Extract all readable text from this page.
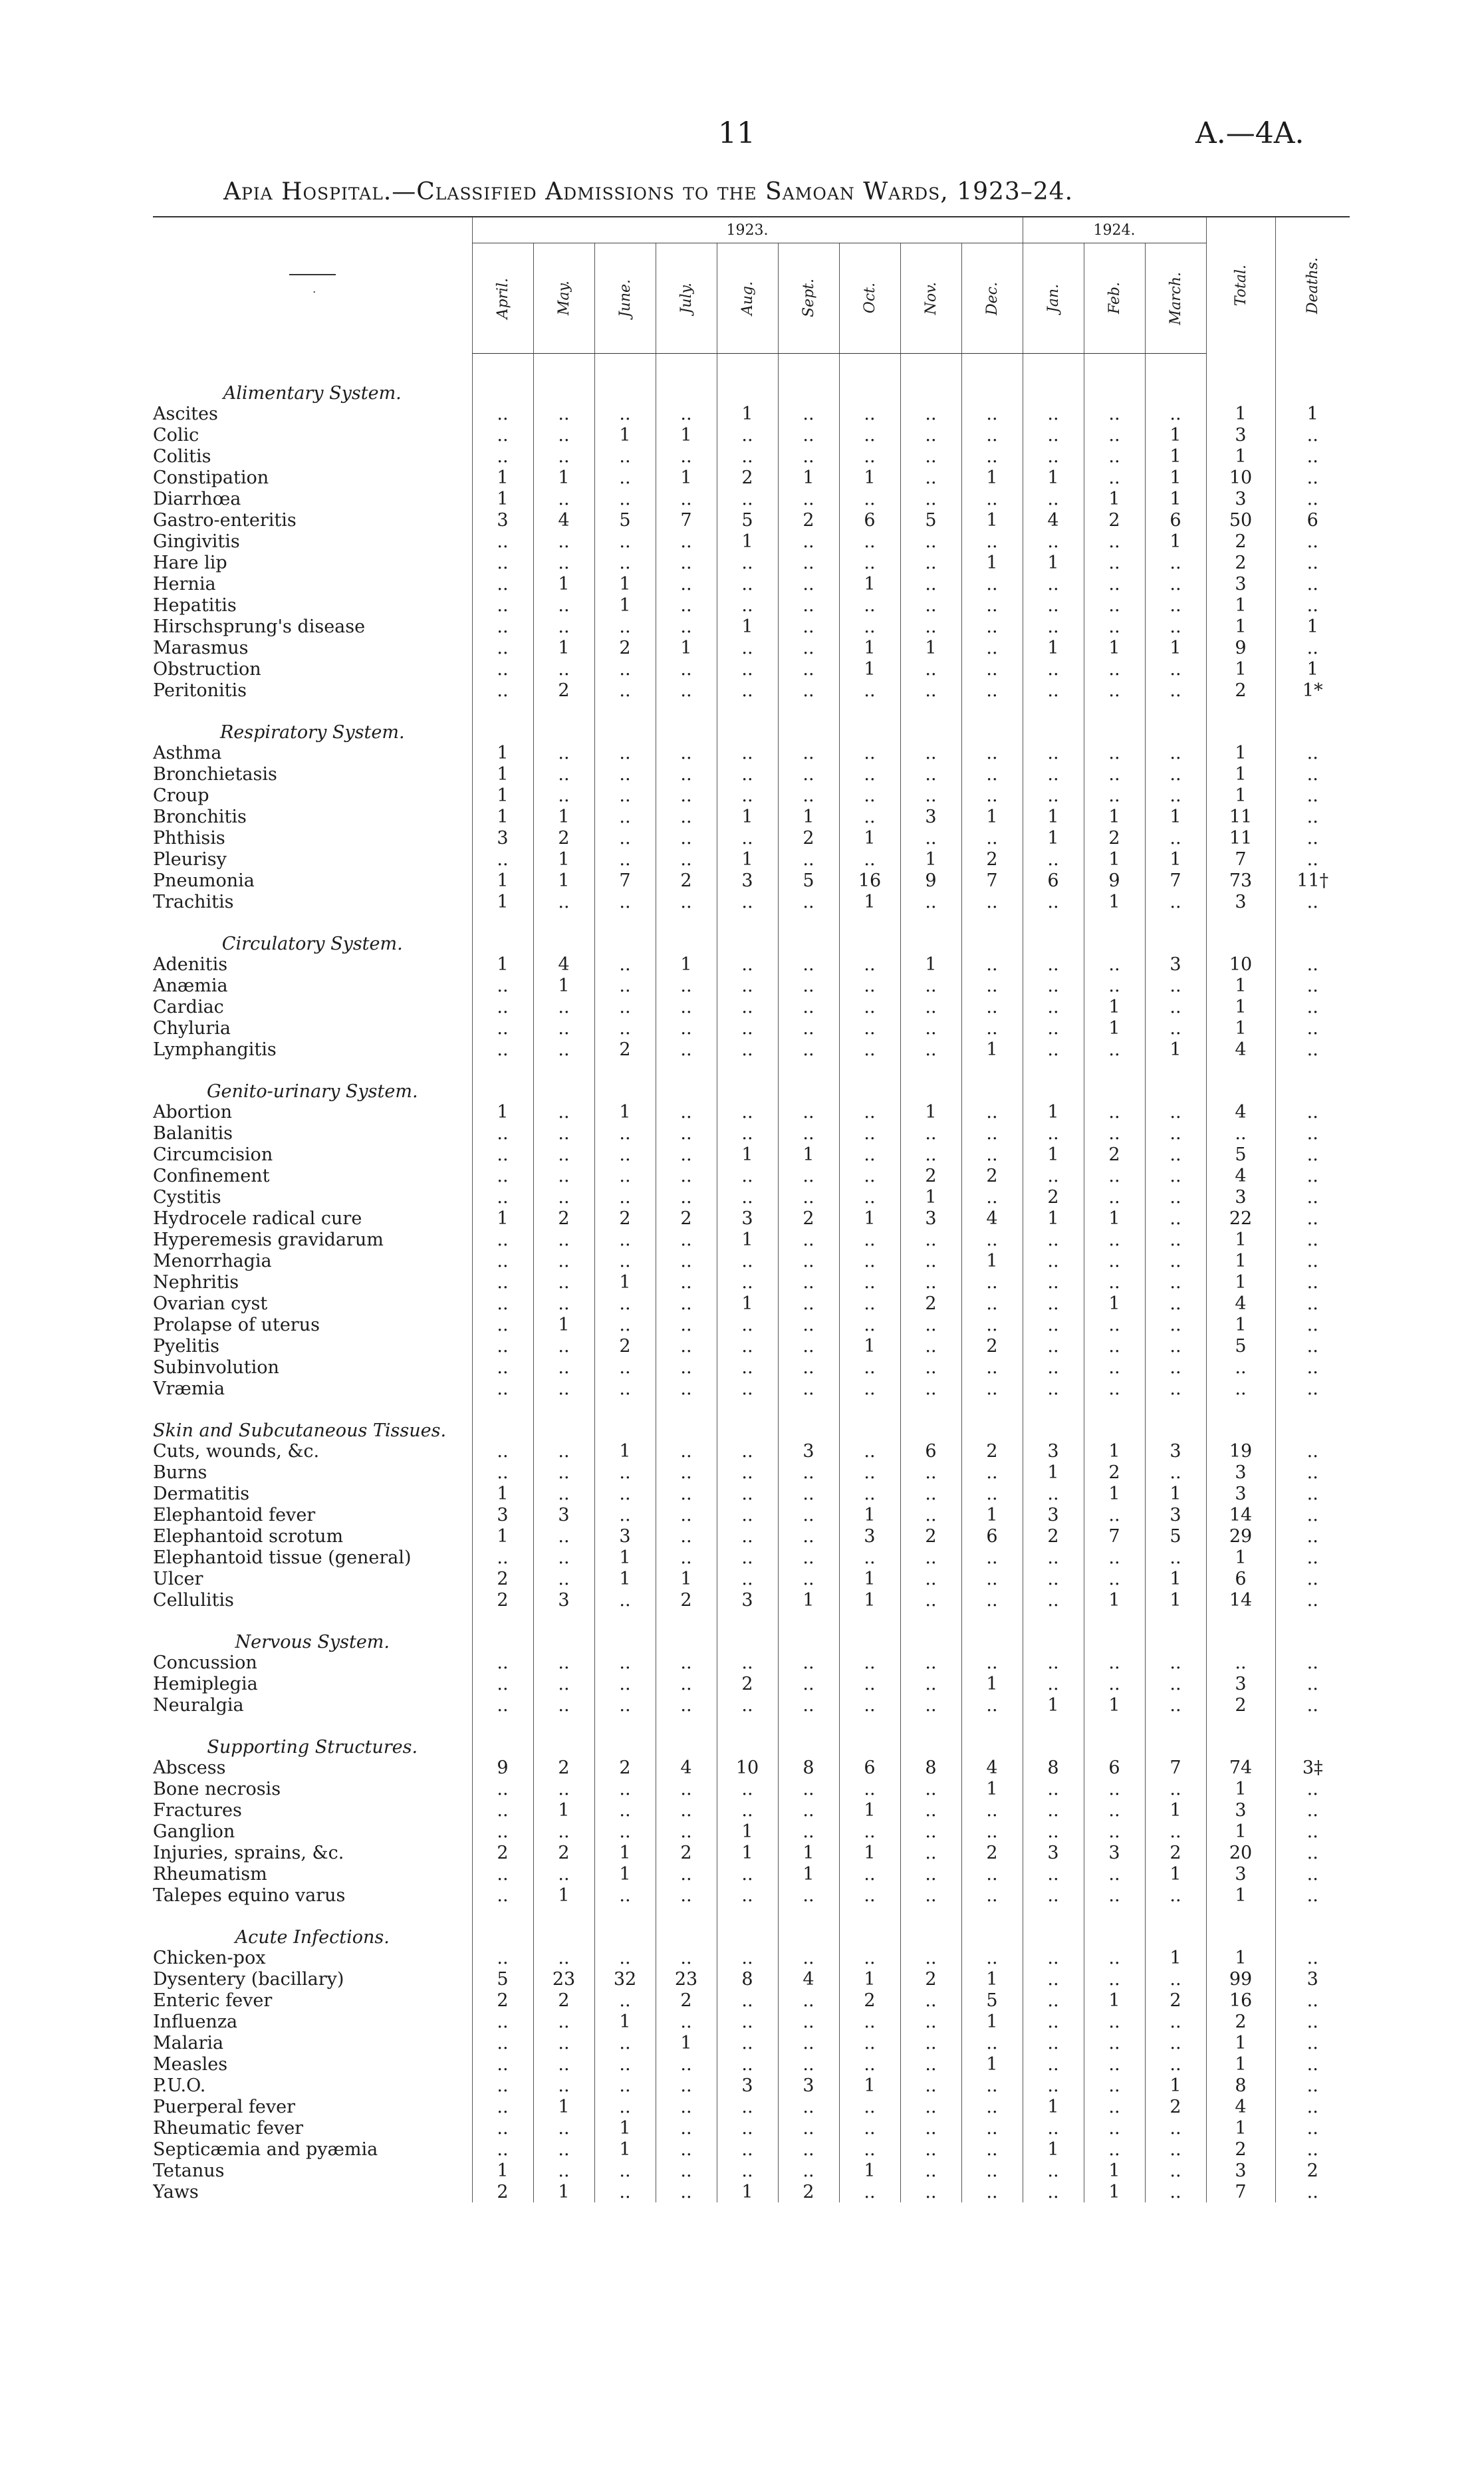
11	A.—4A.
Apia Hospital.—Classified Admissions to the Samoan Wards, 1923–24.
.	1923.									1924.			Total.	Deaths.

	April.	May.	June.	July.	Aug.	Sept.	Oct.	Nov.	Dec.	Jan.	Feb.	March.		

Alimentary System.														
Ascites	..	..	..	..	1	..	..	..	..	..	..	..	1	1
Colic	..	..	1	1	..	..	..	..	..	..	..	1	3	..
Colitis	..	..	..	..	..	..	..	..	..	..	..	1	1	..
Constipation	1	1	..	1	2	1	1	..	1	1	..	1	10	..
Diarrhœa	1	..	..	..	..	..	..	..	..	..	1	1	3	..
Gastro-enteritis	3	4	5	7	5	2	6	5	1	4	2	6	50	6
Gingivitis	..	..	..	..	1	..	..	..	..	..	..	1	2	..
Hare lip	..	..	..	..	..	..	..	..	1	1	..	..	2	..
Hernia	..	1	1	..	..	..	1	..	..	..	..	..	3	..
Hepatitis	..	..	1	..	..	..	..	..	..	..	..	..	1	..
Hirschsprung's disease	..	..	..	..	1	..	..	..	..	..	..	..	1	1
Marasmus	..	1	2	1	..	..	1	1	..	1	1	1	9	..
Obstruction	..	..	..	..	..	..	1	..	..	..	..	..	1	1
Peritonitis	..	2	..	..	..	..	..	..	..	..	..	..	2	1*
Respiratory System.														
Asthma	1	..	..	..	..	..	..	..	..	..	..	..	1	..
Bronchietasis	1	..	..	..	..	..	..	..	..	..	..	..	1	..
Croup	1	..	..	..	..	..	..	..	..	..	..	..	1	..
Bronchitis	1	1	..	..	1	1	..	3	1	1	1	1	11	..
Phthisis	3	2	..	..	..	2	1	..	..	1	2	..	11	..
Pleurisy	..	1	..	..	1	..	..	1	2	..	1	1	7	..
Pneumonia	1	1	7	2	3	5	16	9	7	6	9	7	73	11†
Trachitis	1	..	..	..	..	..	1	..	..	..	1	..	3	..
Circulatory System.														
Adenitis	1	4	..	1	..	..	..	1	..	..	..	3	10	..
Anæmia	..	1	..	..	..	..	..	..	..	..	..	..	1	..
Cardiac	..	..	..	..	..	..	..	..	..	..	1	..	1	..
Chyluria	..	..	..	..	..	..	..	..	..	..	1	..	1	..
Lymphangitis	..	..	2	..	..	..	..	..	1	..	..	1	4	..
Genito-urinary System.														
Abortion	1	..	1	..	..	..	..	1	..	1	..	..	4	..
Balanitis	..	..	..	..	..	..	..	..	..	..	..	..	..	..
Circumcision	..	..	..	..	1	1	..	..	..	1	2	..	5	..
Confinement	..	..	..	..	..	..	..	2	2	..	..	..	4	..
Cystitis	..	..	..	..	..	..	..	1	..	2	..	..	3	..
Hydrocele radical cure	1	2	2	2	3	2	1	3	4	1	1	..	22	..
Hyperemesis gravidarum	..	..	..	..	1	..	..	..	..	..	..	..	1	..
Menorrhagia	..	..	..	..	..	..	..	..	1	..	..	..	1	..
Nephritis	..	..	1	..	..	..	..	..	..	..	..	..	1	..
Ovarian cyst	..	..	..	..	1	..	..	2	..	..	1	..	4	..
Prolapse of uterus	..	1	..	..	..	..	..	..	..	..	..	..	1	..
Pyelitis	..	..	2	..	..	..	1	..	2	..	..	..	5	..
Subinvolution	..	..	..	..	..	..	..	..	..	..	..	..	..	..
Vræmia	..	..	..	..	..	..	..	..	..	..	..	..	..	..
Skin and Subcutaneous Tissues.														
Cuts, wounds, &c.	..	..	1	..	..	3	..	6	2	3	1	3	19	..
Burns	..	..	..	..	..	..	..	..	..	1	2	..	3	..
Dermatitis	1	..	..	..	..	..	..	..	..	..	1	1	3	..
Elephantoid fever	3	3	..	..	..	..	1	..	1	3	..	3	14	..
Elephantoid scrotum	1	..	3	..	..	..	3	2	6	2	7	5	29	..
Elephantoid tissue (general)	..	..	1	..	..	..	..	..	..	..	..	..	1	..
Ulcer	2	..	1	1	..	..	1	..	..	..	..	1	6	..
Cellulitis	2	3	..	2	3	1	1	..	..	..	1	1	14	..
Nervous System.														
Concussion	..	..	..	..	..	..	..	..	..	..	..	..	..	..
Hemiplegia	..	..	..	..	2	..	..	..	1	..	..	..	3	..
Neuralgia	..	..	..	..	..	..	..	..	..	1	1	..	2	..
Supporting Structures.														
Abscess	9	2	2	4	10	8	6	8	4	8	6	7	74	3‡
Bone necrosis	..	..	..	..	..	..	..	..	1	..	..	..	1	..
Fractures	..	1	..	..	..	..	1	..	..	..	..	1	3	..
Ganglion	..	..	..	..	1	..	..	..	..	..	..	..	1	..
Injuries, sprains, &c.	2	2	1	2	1	1	1	..	2	3	3	2	20	..
Rheumatism	..	..	1	..	..	1	..	..	..	..	..	1	3	..
Talepes equino varus	..	1	..	..	..	..	..	..	..	..	..	..	1	..
Acute Infections.														
Chicken-pox	..	..	..	..	..	..	..	..	..	..	..	1	1	..
Dysentery (bacillary)	5	23	32	23	8	4	1	2	1	..	..	..	99	3
Enteric fever	2	2	..	2	..	..	2	..	5	..	1	2	16	..
Influenza	..	..	1	..	..	..	..	..	1	..	..	..	2	..
Malaria	..	..	..	1	..	..	..	..	..	..	..	..	1	..
Measles	..	..	..	..	..	..	..	..	1	..	..	..	1	..
P.U.O.	..	..	..	..	3	3	1	..	..	..	..	1	8	..
Puerperal fever	..	1	..	..	..	..	..	..	..	1	..	2	4	..
Rheumatic fever	..	..	1	..	..	..	..	..	..	..	..	..	1	..
Septicæmia and pyæmia	..	..	1	..	..	..	..	..	..	1	..	..	2	..
Tetanus	1	..	..	..	..	..	1	..	..	..	1	..	3	2
Yaws	2	1	..	..	1	2	..	..	..	..	1	..	7	..
